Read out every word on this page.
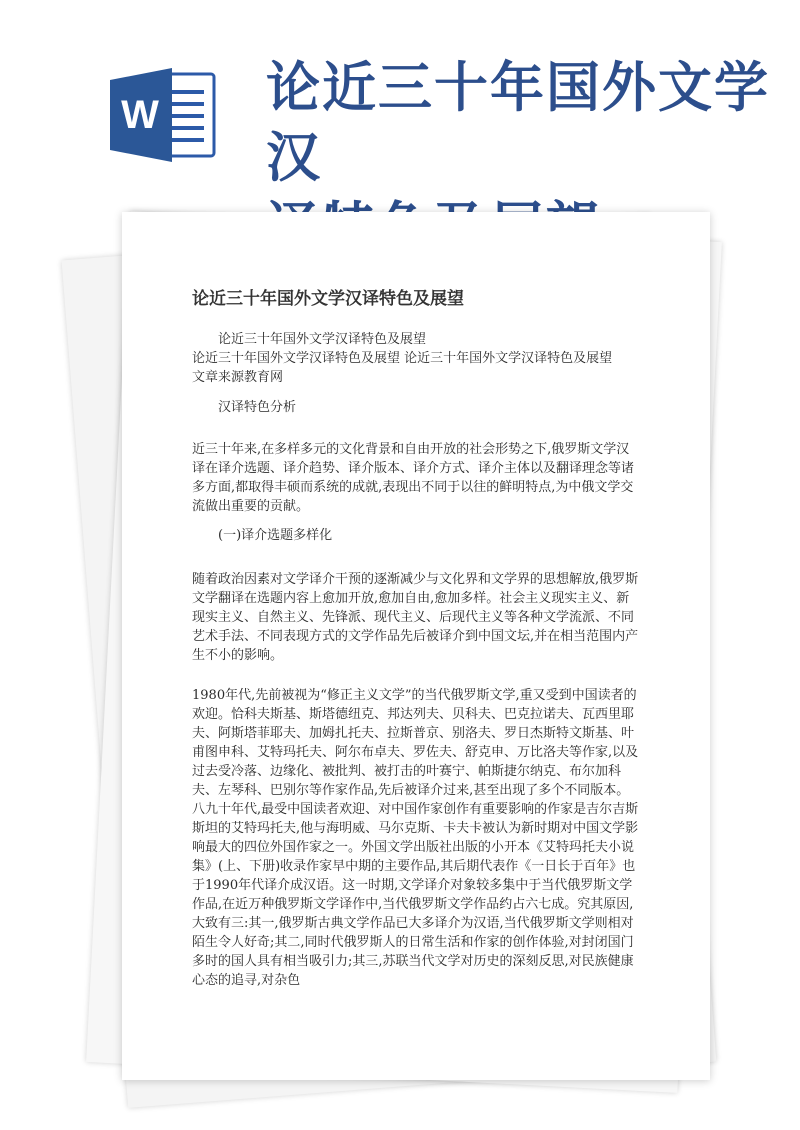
W 论近三十年国外文学汉
论近三十年国外文学汉译特色及展望

论近三十年国外文学汉译特色及展望

论近三十年国外文学汉译特色及展望 论近三十年国外文学汉译特色及展望

文章来源教育网

汉译特色分析

近三十年来,在多样多元的文化背景和自由开放的社会形势之下,俄罗斯文学汉译在译介选题、译介趋势、译介版本、译介方式、译介主体以及翻译理念等诸多方面,都取得丰硕而系统的成就,表现出不同于以往的鲜明特点,为中俄文学交流做出重要的贡献。

(一)译介选题多样化

随着政治因素对文学译介干预的逐渐减少与文化界和文学界的思想解放,俄罗斯文学翻译在选题内容上愈加开放,愈加自由,愈加多样。社会主义现实主义、新现实主义、自然主义、先锋派、现代主义、后现代主义等各种文学流派、不同艺术手法、不同表现方式的文学作品先后被译介到中国文坛,并在相当范围内产生不小的影响。

1980年代,先前被视为“修正主义文学”的当代俄罗斯文学,重又受到中国读者的欢迎。恰科夫斯基、斯塔德纽克、邦达列夫、贝科夫、巴克拉诺夫、瓦西里耶夫、阿斯塔菲耶夫、加姆扎托夫、拉斯普京、别洛夫、罗日杰斯特文斯基、叶甫图申科、艾特玛托夫、阿尔布卓夫、罗佐夫、舒克申、万比洛夫等作家,以及过去受冷落、边缘化、被批判、被打击的叶赛宁、帕斯捷尔纳克、布尔加科夫、左琴科、巴别尔等作家作品,先后被译介过来,甚至出现了多个不同版本。八九十年代,最受中国读者欢迎、对中国作家创作有重要影响的作家是吉尔吉斯斯坦的艾特玛托夫,他与海明威、马尔克斯、卡夫卡被认为新时期对中国文学影响最大的四位外国作家之一。外国文学出版社出版的小开本《艾特玛托夫小说集》(上、下册)收录作家早中期的主要作品,其后期代表作《一日长于百年》也于1990年代译介成汉语。这一时期,文学译介对象较多集中于当代俄罗斯文学作品,在近万种俄罗斯文学译作中,当代俄罗斯文学作品约占六七成。究其原因,大致有三:其一,俄罗斯古典文学作品已大多译介为汉语,当代俄罗斯文学则相对陌生令人好奇;其二,同时代俄罗斯人的日常生活和作家的创作体验,对封闭国门多时的国人具有相当吸引力;其三,苏联当代文学对历史的深刻反思,对民族健康心态的追寻,对杂色
